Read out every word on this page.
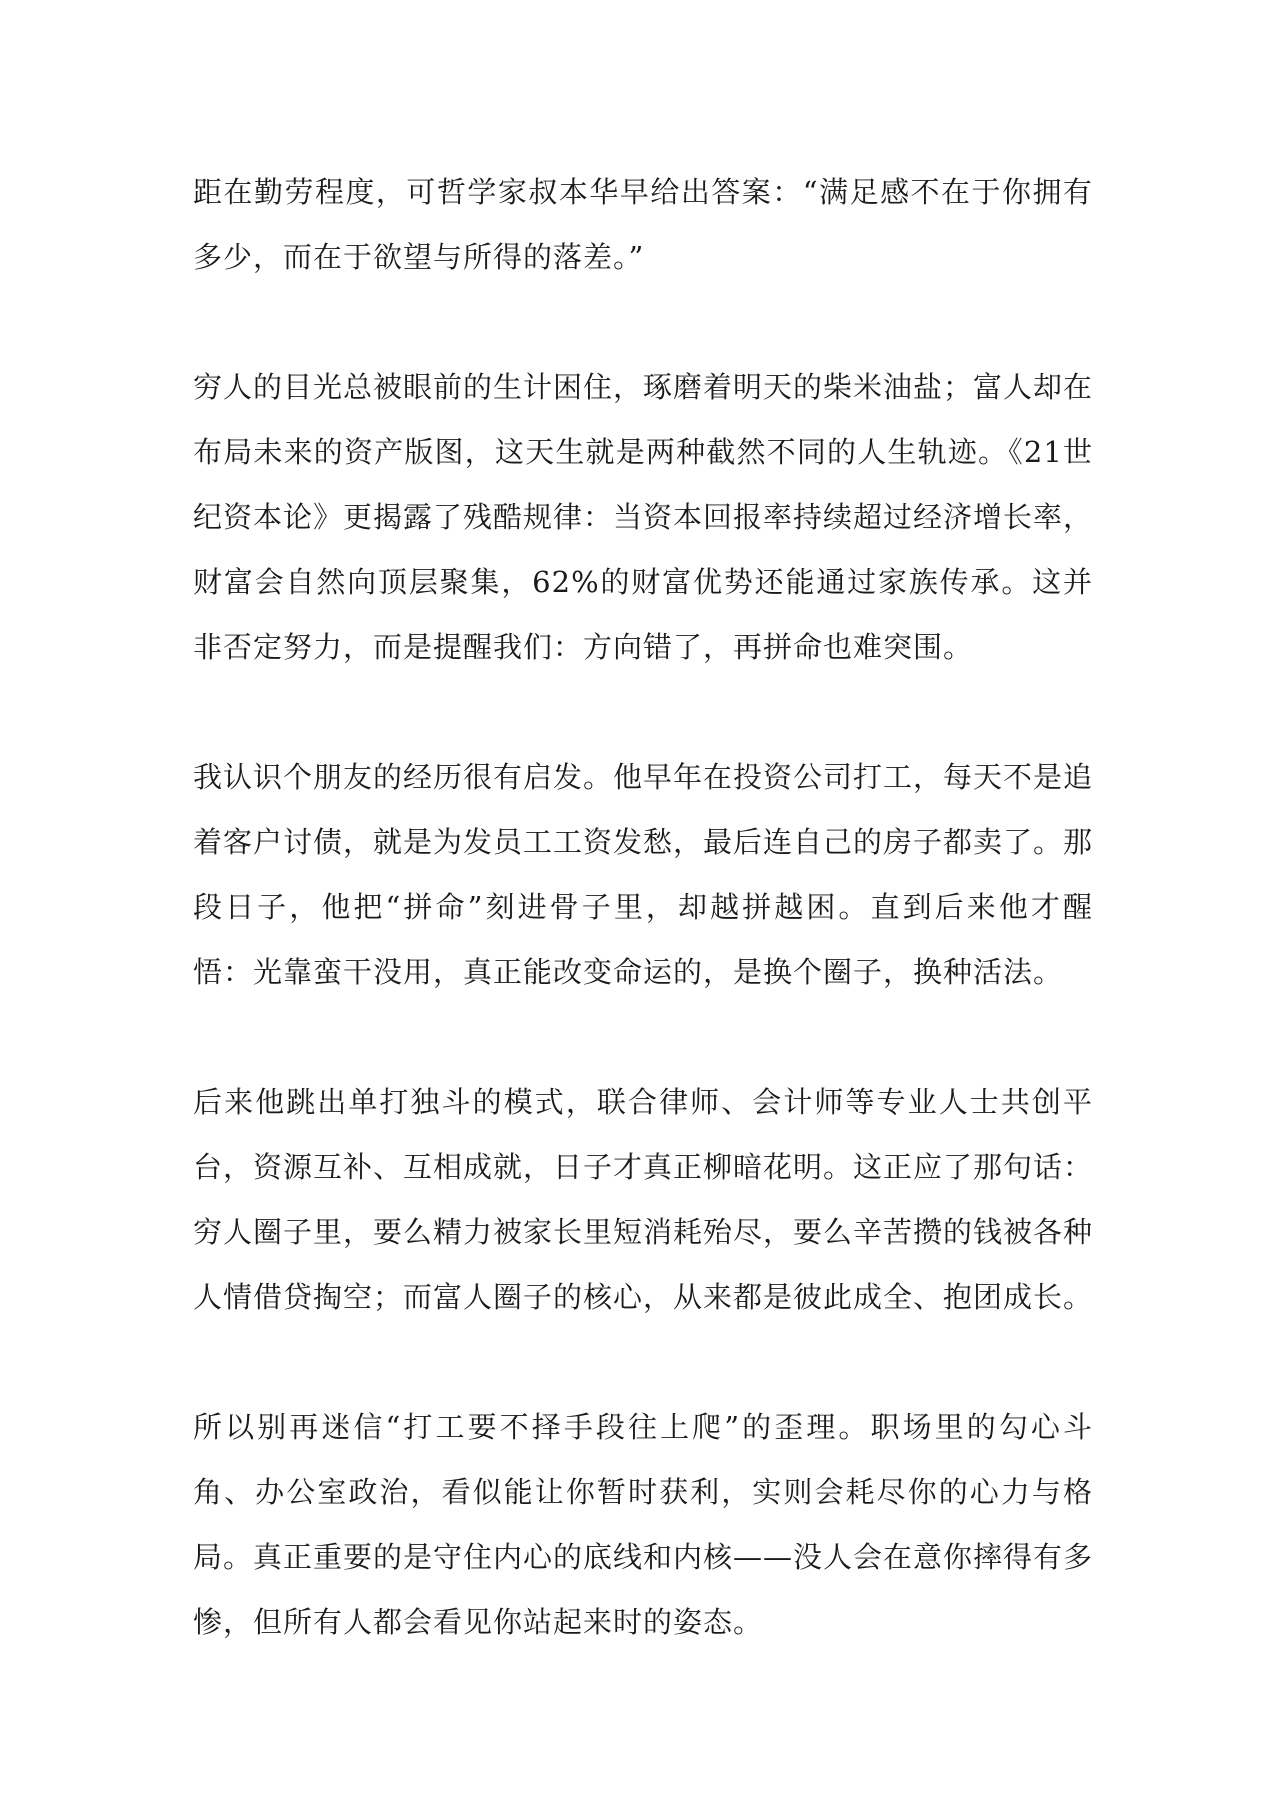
距在勤劳程度，可哲学家叔本华早给出答案：“满足感不在于你拥有多少，而在于欲望与所得的落差。”

穷人的目光总被眼前的生计困住，琢磨着明天的柴米油盐；富人却在布局未来的资产版图，这天生就是两种截然不同的人生轨迹。《21世纪资本论》更揭露了残酷规律：当资本回报率持续超过经济增长率，财富会自然向顶层聚集，62%的财富优势还能通过家族传承。这并非否定努力，而是提醒我们：方向错了，再拼命也难突围。

我认识个朋友的经历很有启发。他早年在投资公司打工，每天不是追着客户讨债，就是为发员工工资发愁，最后连自己的房子都卖了。那段日子，他把“拼命”刻进骨子里，却越拼越困。直到后来他才醒悟：光靠蛮干没用，真正能改变命运的，是换个圈子，换种活法。

后来他跳出单打独斗的模式，联合律师、会计师等专业人士共创平台，资源互补、互相成就，日子才真正柳暗花明。这正应了那句话：穷人圈子里，要么精力被家长里短消耗殆尽，要么辛苦攒的钱被各种人情借贷掏空；而富人圈子的核心，从来都是彼此成全、抱团成长。

所以别再迷信“打工要不择手段往上爬”的歪理。职场里的勾心斗角、办公室政治，看似能让你暂时获利，实则会耗尽你的心力与格局。真正重要的是守住内心的底线和内核——没人会在意你摔得有多惨，但所有人都会看见你站起来时的姿态。
